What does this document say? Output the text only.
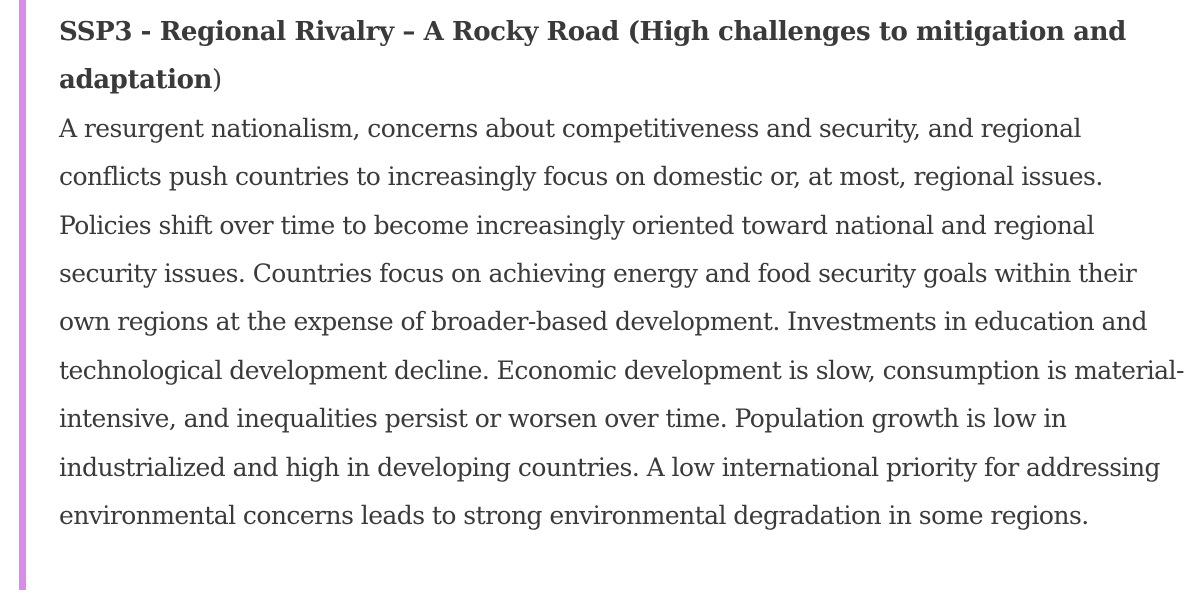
SSP3 - Regional Rivalry – A Rocky Road (High challenges to mitigation and adaptation)

A resurgent nationalism, concerns about competitiveness and security, and regional conflicts push countries to increasingly focus on domestic or, at most, regional issues. Policies shift over time to become increasingly oriented toward national and regional security issues. Countries focus on achieving energy and food security goals within their own regions at the expense of broader-based development. Investments in education and technological development decline. Economic development is slow, consumption is material-intensive, and inequalities persist or worsen over time. Population growth is low in industrialized and high in developing countries. A low international priority for addressing environmental concerns leads to strong environmental degradation in some regions.
